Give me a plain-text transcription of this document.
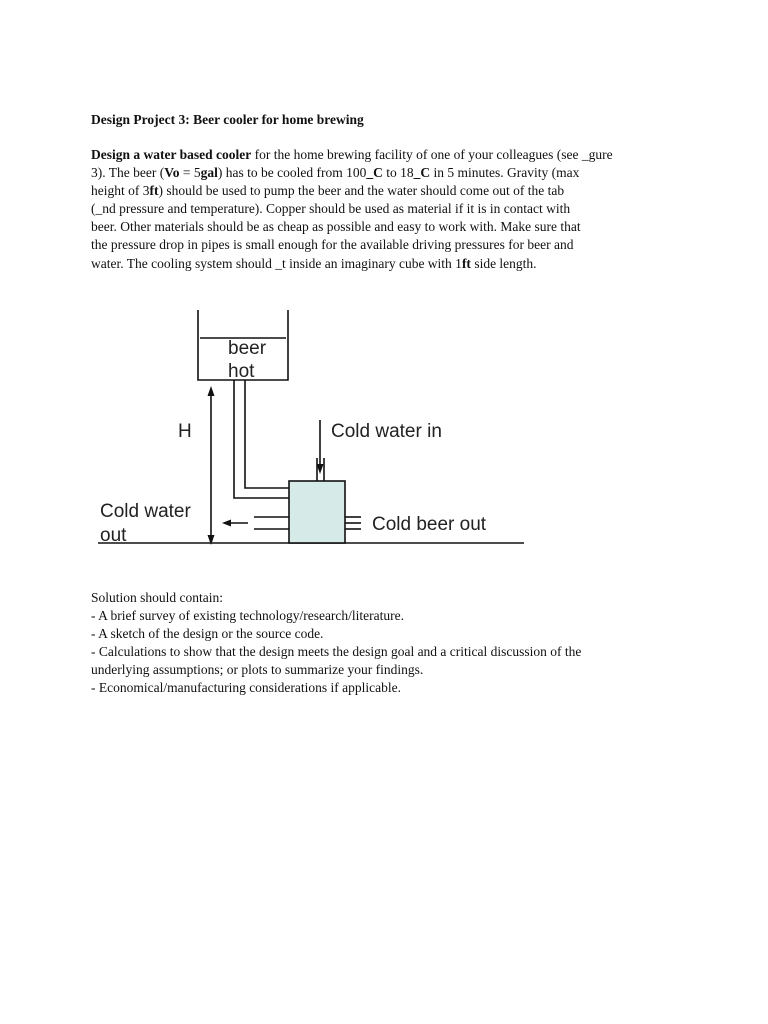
Design Project 3: Beer cooler for home brewing
Design a water based cooler for the home brewing facility of one of your colleagues (see _gure
3). The beer (Vo = 5gal) has to be cooled from 100_C to 18_C in 5 minutes. Gravity (max
height of 3ft) should be used to pump the beer and the water should come out of the tab
(_nd pressure and temperature). Copper should be used as material if it is in contact with
beer. Other materials should be as cheap as possible and easy to work with. Make sure that
the pressure drop in pipes is small enough for the available driving pressures for beer and
water. The cooling system should _t inside an imaginary cube with 1ft side length.
beer
hot
H	Cold water in
Cold water
out
Cold beer out
Solution should contain:
- A brief survey of existing technology/research/literature.
- A sketch of the design or the source code.
- Calculations to show that the design meets the design goal and a critical discussion of the
underlying assumptions; or plots to summarize your findings.
- Economical/manufacturing considerations if applicable.
